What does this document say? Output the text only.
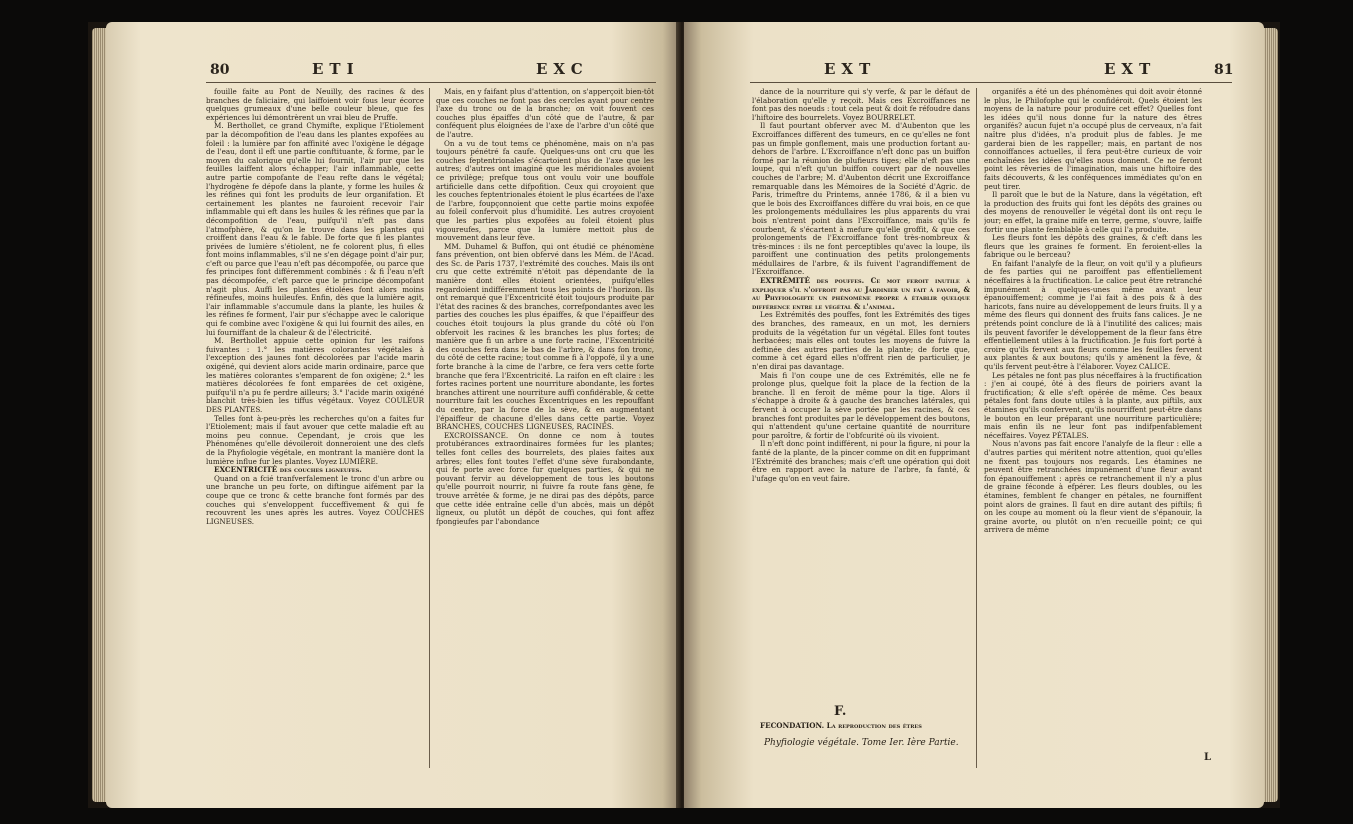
80	ETI	EXC

fouille faite au Pont de Neuilly, des racines & des branches de faliciaire, qui laiffoient voir fous leur écorce quelques grumeaux d'une belle couleur bleue, que fes expériences lui démontrèrent un vrai bleu de Pruffe.

M. Berthollet, ce grand Chymifte, explique l'Etiolement par la décompofition de l'eau dans les plantes expofées au foleil : la lumière par fon affinité avec l'oxigène le dégage de l'eau, dont il eft une partie conftituante, & forme, par le moyen du calorique qu'elle lui fournit, l'air pur que les feuilles laiffent alors échapper; l'air inflammable, cette autre partie compofante de l'eau refte dans le végétal; l'hydrogène fe dépofe dans la plante, y forme les huiles & les réfines qui font les produits de leur organifation. Et certainement les plantes ne fauroient recevoir l'air inflammable qui eft dans les huiles & les réfines que par la décompofition de l'eau, puifqu'il n'eft pas dans l'atmofphère, & qu'on le trouve dans les plantes qui croiffent dans l'eau & le fable. De forte que fi les plantes privées de lumière s'étiolent, ne fe colorent plus, fi elles font moins inflammables, s'il ne s'en dégage point d'air pur, c'eft ou parce que l'eau n'eft pas décompofée, ou parce que fes principes font différemment combinés : & fi l'eau n'eft pas décompofée, c'eft parce que le principe décompofant n'agit plus. Auffi les plantes étiolées font alors moins réfineufes, moins huileufes. Enfin, dès que la lumière agit, l'air inflammable s'accumule dans la plante, les huiles & les réfines fe forment, l'air pur s'échappe avec le calorique qui fe combine avec l'oxigène & qui lui fournit des ailes, en lui fourniffant de la chaleur & de l'électricité.

M. Berthollet appuie cette opinion fur les raifons fuivantes : 1.° les matières colorantes végétales à l'exception des jaunes font décolorées par l'acide marin oxigéné, qui devient alors acide marin ordinaire, parce que les matières colorantes s'emparent de fon oxigène; 2.° les matières décolorées fe font emparées de cet oxigène, puifqu'il n'a pu fe perdre ailleurs; 3.° l'acide marin oxigéné blanchit très-bien les tiffus végétaux. Voyez COULEUR DES PLANTES.

Telles font à-peu-près les recherches qu'on a faites fur l'Etiolement; mais il faut avouer que cette maladie eft au moins peu connue. Cependant, je crois que les Phénomènes qu'elle dévoileroit donneroient une des clefs de la Phyfiologie végétale, en montrant la manière dont la lumière influe fur les plantes. Voyez LUMIÈRE.

EXCENTRICITÉ des couches ligneufes.

Quand on a fcié tranfverfalement le tronc d'un arbre ou une branche un peu forte, on diftingue aifément par la coupe que ce tronc & cette branche font formés par des couches qui s'enveloppent fucceffivement & qui fe recouvrent les unes après les autres. Voyez COUCHES LIGNEUSES.

Mais, en y faifant plus d'attention, on s'apperçoit bien-tôt que ces couches ne font pas des cercles ayant pour centre l'axe du tronc ou de la branche; on voit fouvent ces couches plus épaiffes d'un côté que de l'autre, & par conféquent plus éloignées de l'axe de l'arbre d'un côté que de l'autre.

On a vu de tout tems ce phénomène, mais on n'a pas toujours pénétré fa caufe. Quelques-uns ont cru que les couches feptentrionales s'écartoient plus de l'axe que les autres; d'autres ont imaginé que les méridionales avoient ce privilège; prefque tous ont voulu voir une bouffole artificielle dans cette difpofition. Ceux qui croyoient que les couches feptentrionales étoient le plus écartées de l'axe de l'arbre, foupçonnoient que cette partie moins expofée au foleil confervoit plus d'humidité. Les autres croyoient que les parties plus expofées au foleil étoient plus vigoureufes, parce que la lumière mettoit plus de mouvement dans leur fève.

MM. Duhamel & Buffon, qui ont étudié ce phénomène fans prévention, ont bien obfervé dans les Mém. de l'Acad. des Sc. de Paris 1737, l'extrémité des couches. Mais ils ont cru que cette extrémité n'étoit pas dépendante de la manière dont elles étoient orientées, puifqu'elles regardoient indifféremment tous les points de l'horizon. Ils ont remarqué que l'Excentricité étoit toujours produite par l'état des racines & des branches, correfpondantes avec les parties des couches les plus épaiffes, & que l'épaiffeur des couches étoit toujours la plus grande du côté où l'on obfervoit les racines & les branches les plus fortes; de manière que fi un arbre a une forte racine, l'Excentricité des couches fera dans le bas de l'arbre, & dans fon tronc, du côté de cette racine; tout comme fi à l'oppofé, il y a une forte branche à la cime de l'arbre, ce fera vers cette forte branche que fera l'Excentricité. La raifon en eft claire : les fortes racines portent une nourriture abondante, les fortes branches attirent une nourriture auffi confidérable, & cette nourriture fait les couches Excentriques en les repouffant du centre, par la force de la sève, & en augmentant l'épaiffeur de chacune d'elles dans cette partie. Voyez BRANCHES, COUCHES LIGNEUSES, RACINES.

EXCROISSANCE. On donne ce nom à toutes protubérances extraordinaires formées fur les plantes; telles font celles des bourrelets, des plaies faites aux arbres; elles font toutes l'effet d'une sève furabondante, qui fe porte avec force fur quelques parties, & qui ne pouvant fervir au développement de tous les boutons qu'elle pourroit nourrir, ni fuivre fa route fans gène, fe trouve arrêtée & forme, je ne dirai pas des dépôts, parce que cette idée entraîne celle d'un abcès, mais un dépôt ligneux, ou plutôt un dépôt de couches, qui font affez fpongieufes par l'abondance

EXT	EXT	81

dance de la nourriture qui s'y verfe, & par le défaut de l'élaboration qu'elle y reçoit. Mais ces Excroiffances ne font pas des noeuds : tout cela peut & doit fe réfoudre dans l'hiftoire des bourrelets. Voyez BOURRELET.

Il faut pourtant obferver avec M. d'Aubenton que les Excroiffances diffèrent des tumeurs, en ce qu'elles ne font pas un fimple gonflement, mais une production fortant au-dehors de l'arbre. L'Excroiffance n'eft donc pas un buiffon formé par la réunion de plufieurs tiges; elle n'eft pas une loupe, qui n'eft qu'un buiffon couvert par de nouvelles couches de l'arbre; M. d'Aubenton décrit une Excroiffance remarquable dans les Mémoires de la Société d'Agric. de Paris, trimeftre du Printems, année 1786, & il a bien vu que le bois des Excroiffances diffère du vrai bois, en ce que les prolongements médullaires les plus apparents du vrai bois n'entrent point dans l'Excroiffance, mais qu'ils fe courbent, & s'écartent à mefure qu'elle groffit, & que ces prolongements de l'Excroiffance font très-nombreux & très-minces : ils ne font perceptibles qu'avec la loupe, ils paroiffent une continuation des petits prolongements médullaires de l'arbre, & ils fuivent l'agrandiffement de l'Excroiffance.

EXTRÉMITÉ des pouffes. Ce mot feroit inutile à expliquer s'il n'offroit pas au Jardinier un fait à favoir, & au Phyfiologifte un phénomène propre à établir quelque différence entre le végétal & l'animal.

Les Extrémités des pouffes, font les Extrémités des tiges des branches, des rameaux, en un mot, les derniers produits de la végétation fur un végétal. Elles font toutes herbacées; mais elles ont toutes les moyens de fuivre la deftinée des autres parties de la plante; de forte que, comme à cet égard elles n'offrent rien de particulier, je n'en dirai pas davantage.

Mais fi l'on coupe une de ces Extrémités, elle ne fe prolonge plus, quelque foit la place de la fection de la branche. Il en feroit de même pour la tige. Alors il s'échappe à droite & à gauche des branches latérales, qui fervent à occuper la sève portée par les racines, & ces branches font produites par le développement des boutons, qui n'attendent qu'une certaine quantité de nourriture pour paroître, & fortir de l'obfcurité où ils vivoient.

Il n'eft donc point indifférent, ni pour la figure, ni pour la fanté de la plante, de la pincer comme on dit en fupprimant l'Extrémité des branches; mais c'eft une opération qui doit être en rapport avec la nature de l'arbre, fa fanté, & l'ufage qu'on en veut faire.

F.

FÉCONDATION. La reproduction des êtres

Phyfiologie végétale. Tome Ier. Ière Partie.

organifés a été un des phénomènes qui doit avoir étonné le plus, le Philofophe qui le confidéroit. Quels étoient les moyens de la nature pour produire cet effet? Quelles font les idées qu'il nous donne fur la nature des êtres organifés? aucun fujet n'a occupé plus de cerveaux, n'a fait naître plus d'idées, n'a produit plus de fables. Je me garderai bien de les rappeller; mais, en partant de nos connoiffances actuelles, il fera peut-être curieux de voir enchaînées les idées qu'elles nous donnent. Ce ne feront point les rêveries de l'imagination, mais une hiftoire des faits découverts, & les conféquences immédiates qu'on en peut tirer.

Il paroît que le but de la Nature, dans la végétation, eft la production des fruits qui font les dépôts des graines ou des moyens de renouveller le végétal dont ils ont reçu le jour; en effet, la graine mife en terre, germe, s'ouvre, laiffe fortir une plante femblable à celle qui l'a produite.

Les fleurs font les dépôts des graines, & c'eft dans les fleurs que les graines fe forment. En feroient-elles la fabrique ou le berceau?

En faifant l'analyfe de la fleur, on voit qu'il y a plufieurs de fes parties qui ne paroiffent pas effentiellement néceffaires à la fructification. Le calice peut être retranché impunément à quelques-unes même avant leur épanouiffement; comme je l'ai fait à des pois & à des haricots, fans nuire au développement de leurs fruits. Il y a même des fleurs qui donnent des fruits fans calices. Je ne prétends point conclure de là à l'inutilité des calices; mais ils peuvent favorifer le développement de la fleur fans être effentiellement utiles à la fructification. Je fuis fort porté à croire qu'ils fervent aux fleurs comme les feuilles fervent aux plantes & aux boutons; qu'ils y amènent la fève, & qu'ils fervent peut-être à l'élaborer. Voyez CALICE.

Les pétales ne font pas plus néceffaires à la fructification : j'en ai coupé, ôté à des fleurs de poiriers avant la fructification; & elle s'eft opérée de même. Ces beaux pétales font fans doute utiles à la plante, aux piftils, aux étamines qu'ils confervent, qu'ils nourriffent peut-être dans le bouton en leur préparant une nourriture particulière; mais enfin ils ne leur font pas indifpenfablement néceffaires. Voyez PÉTALES.

Nous n'avons pas fait encore l'analyfe de la fleur : elle a d'autres parties qui méritent notre attention, quoi qu'elles ne fixent pas toujours nos regards. Les étamines ne peuvent être retranchées impunément d'une fleur avant fon épanouiffement : après ce retranchement il n'y a plus de graine féconde à efpérer. Les fleurs doubles, ou les étamines, femblent fe changer en pétales, ne fourniffent point alors de graines. Il faut en dire autant des piftils; fi on les coupe au moment où la fleur vient de s'épanouir, la graine avorte, ou plutôt on n'en recueille point; ce qui arrivera de même

L
